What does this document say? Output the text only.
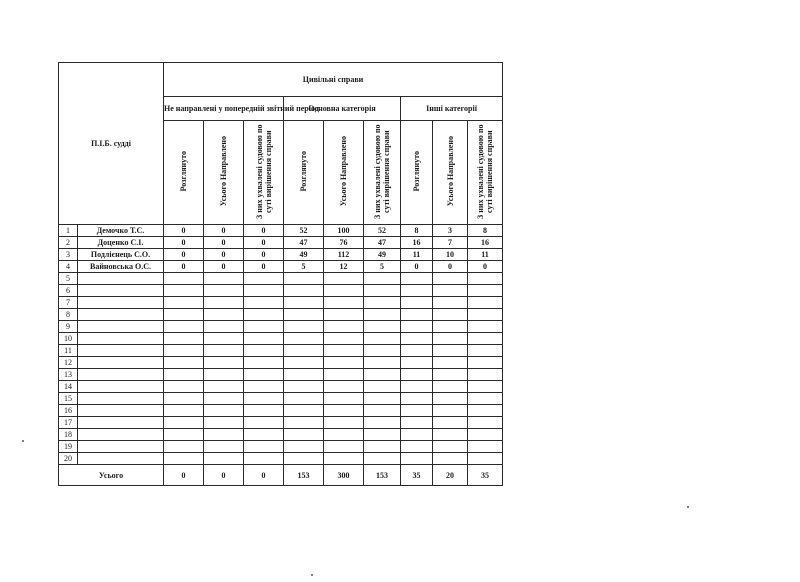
П.І.Б. судді		Цивільні справи								
		Не направлені у попередній звітний період			Основна категорія			Інші категорії		
		Розглянуто	Усього Направлено	З них ухвалені судовою по суті вирішення справи	Розглянуто	Усього Направлено	З них ухвалені судовою по суті вирішення справи	Розглянуто	Усього Направлено	З них ухвалені судовою по суті вирішення справи
1	Демочко Т.С.	0	0	0	52	100	52	8	3	8
2	Доценко С.І.	0	0	0	47	76	47	16	7	16
3	Подлієнець С.О.	0	0	0	49	112	49	11	10	11
4	Вайновська О.С.	0	0	0	5	12	5	0	0	0
5										
6										
7										
8										
9										
10										
11										
12										
13										
14										
15										
16										
17										
18										
19										
20										
Усього		0	0	0	153	300	153	35	20	35
